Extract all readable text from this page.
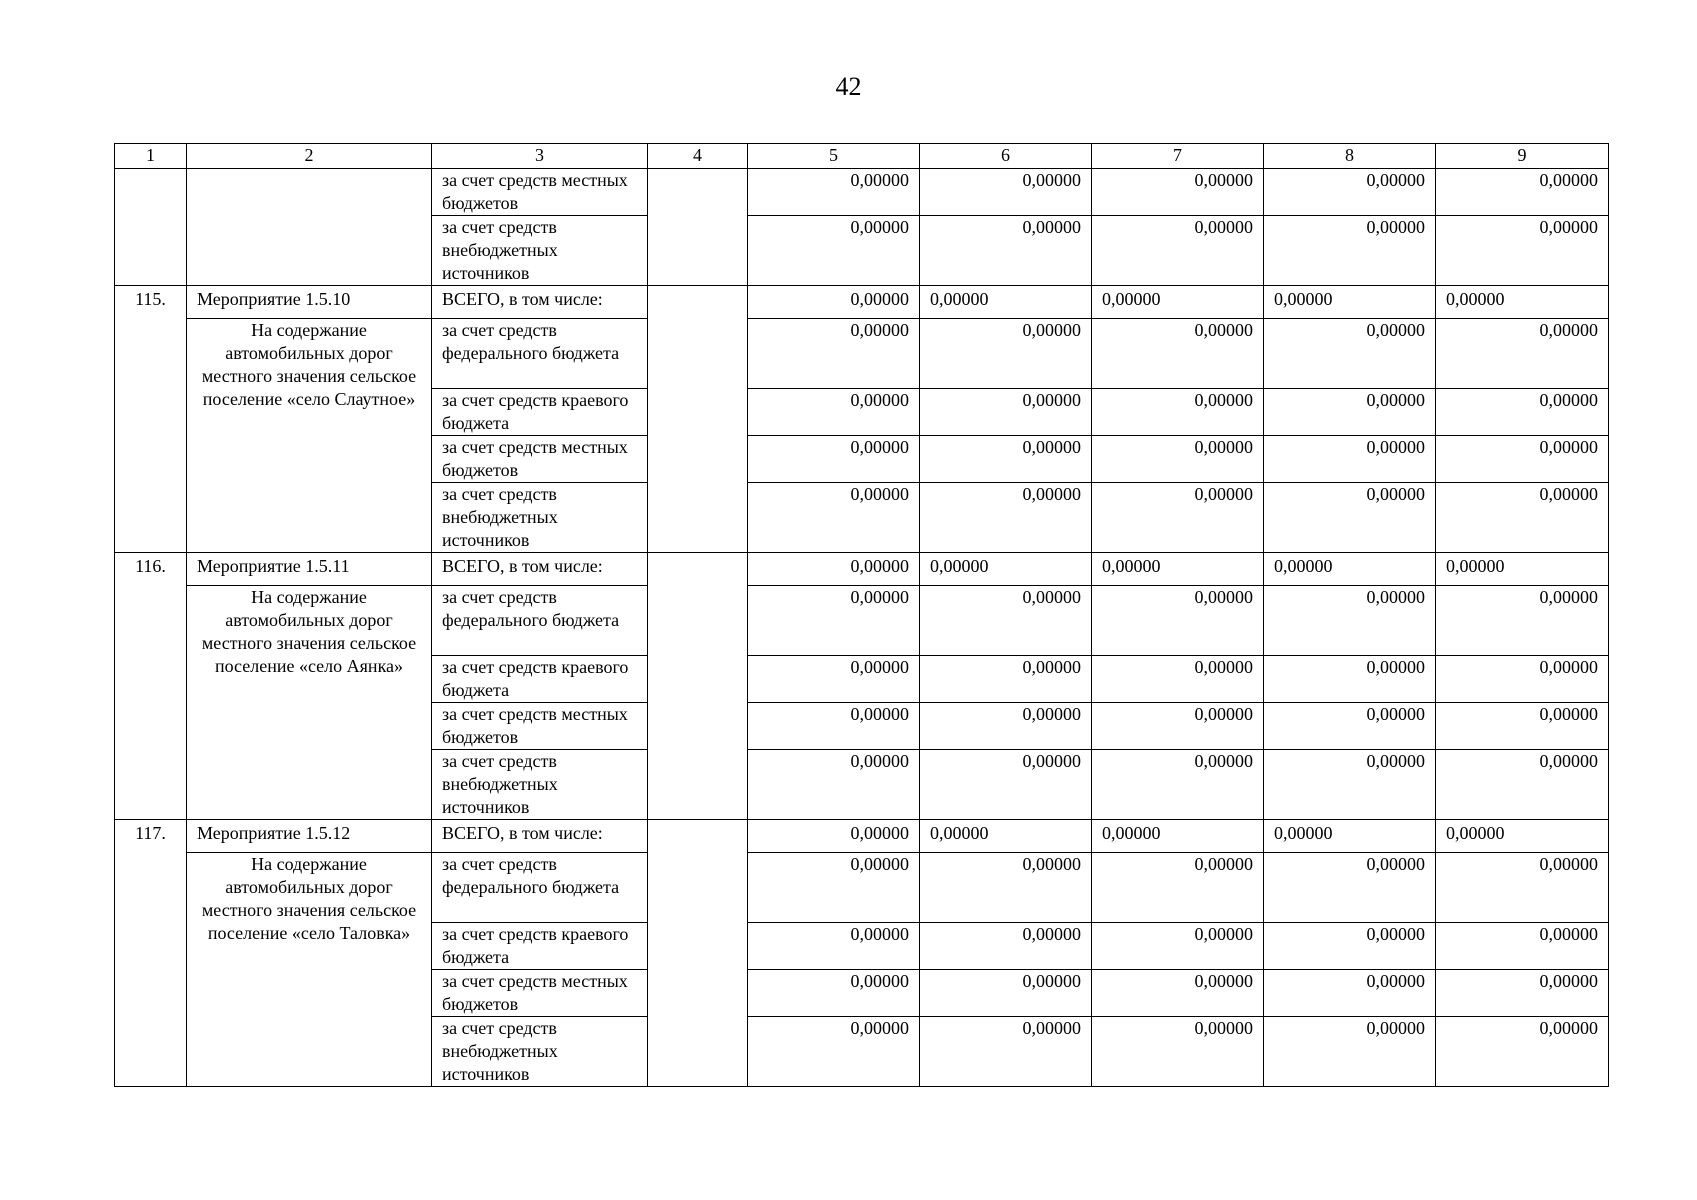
42
1	2	3	4	5	6	7	8	9
		за счет средств местных бюджетов		0,00000	0,00000	0,00000	0,00000	0,00000
		за счет средств внебюджетных источников		0,00000	0,00000	0,00000	0,00000	0,00000
115.	Мероприятие 1.5.10	ВСЕГО, в том числе:		0,00000	0,00000	0,00000	0,00000	0,00000
	На содержание автомобильных дорог местного значения сельское поселение «село Слаутное»	за счет средств федерального бюджета		0,00000	0,00000	0,00000	0,00000	0,00000
		за счет средств краевого бюджета		0,00000	0,00000	0,00000	0,00000	0,00000
		за счет средств местных бюджетов		0,00000	0,00000	0,00000	0,00000	0,00000
		за счет средств внебюджетных источников		0,00000	0,00000	0,00000	0,00000	0,00000
116.	Мероприятие 1.5.11	ВСЕГО, в том числе:		0,00000	0,00000	0,00000	0,00000	0,00000
	На содержание автомобильных дорог местного значения сельское поселение «село Аянка»	за счет средств федерального бюджета		0,00000	0,00000	0,00000	0,00000	0,00000
		за счет средств краевого бюджета		0,00000	0,00000	0,00000	0,00000	0,00000
		за счет средств местных бюджетов		0,00000	0,00000	0,00000	0,00000	0,00000
		за счет средств внебюджетных источников		0,00000	0,00000	0,00000	0,00000	0,00000
117.	Мероприятие 1.5.12	ВСЕГО, в том числе:		0,00000	0,00000	0,00000	0,00000	0,00000
	На содержание автомобильных дорог местного значения сельское поселение «село Таловка»	за счет средств федерального бюджета		0,00000	0,00000	0,00000	0,00000	0,00000
		за счет средств краевого бюджета		0,00000	0,00000	0,00000	0,00000	0,00000
		за счет средств местных бюджетов		0,00000	0,00000	0,00000	0,00000	0,00000
		за счет средств внебюджетных источников		0,00000	0,00000	0,00000	0,00000	0,00000
